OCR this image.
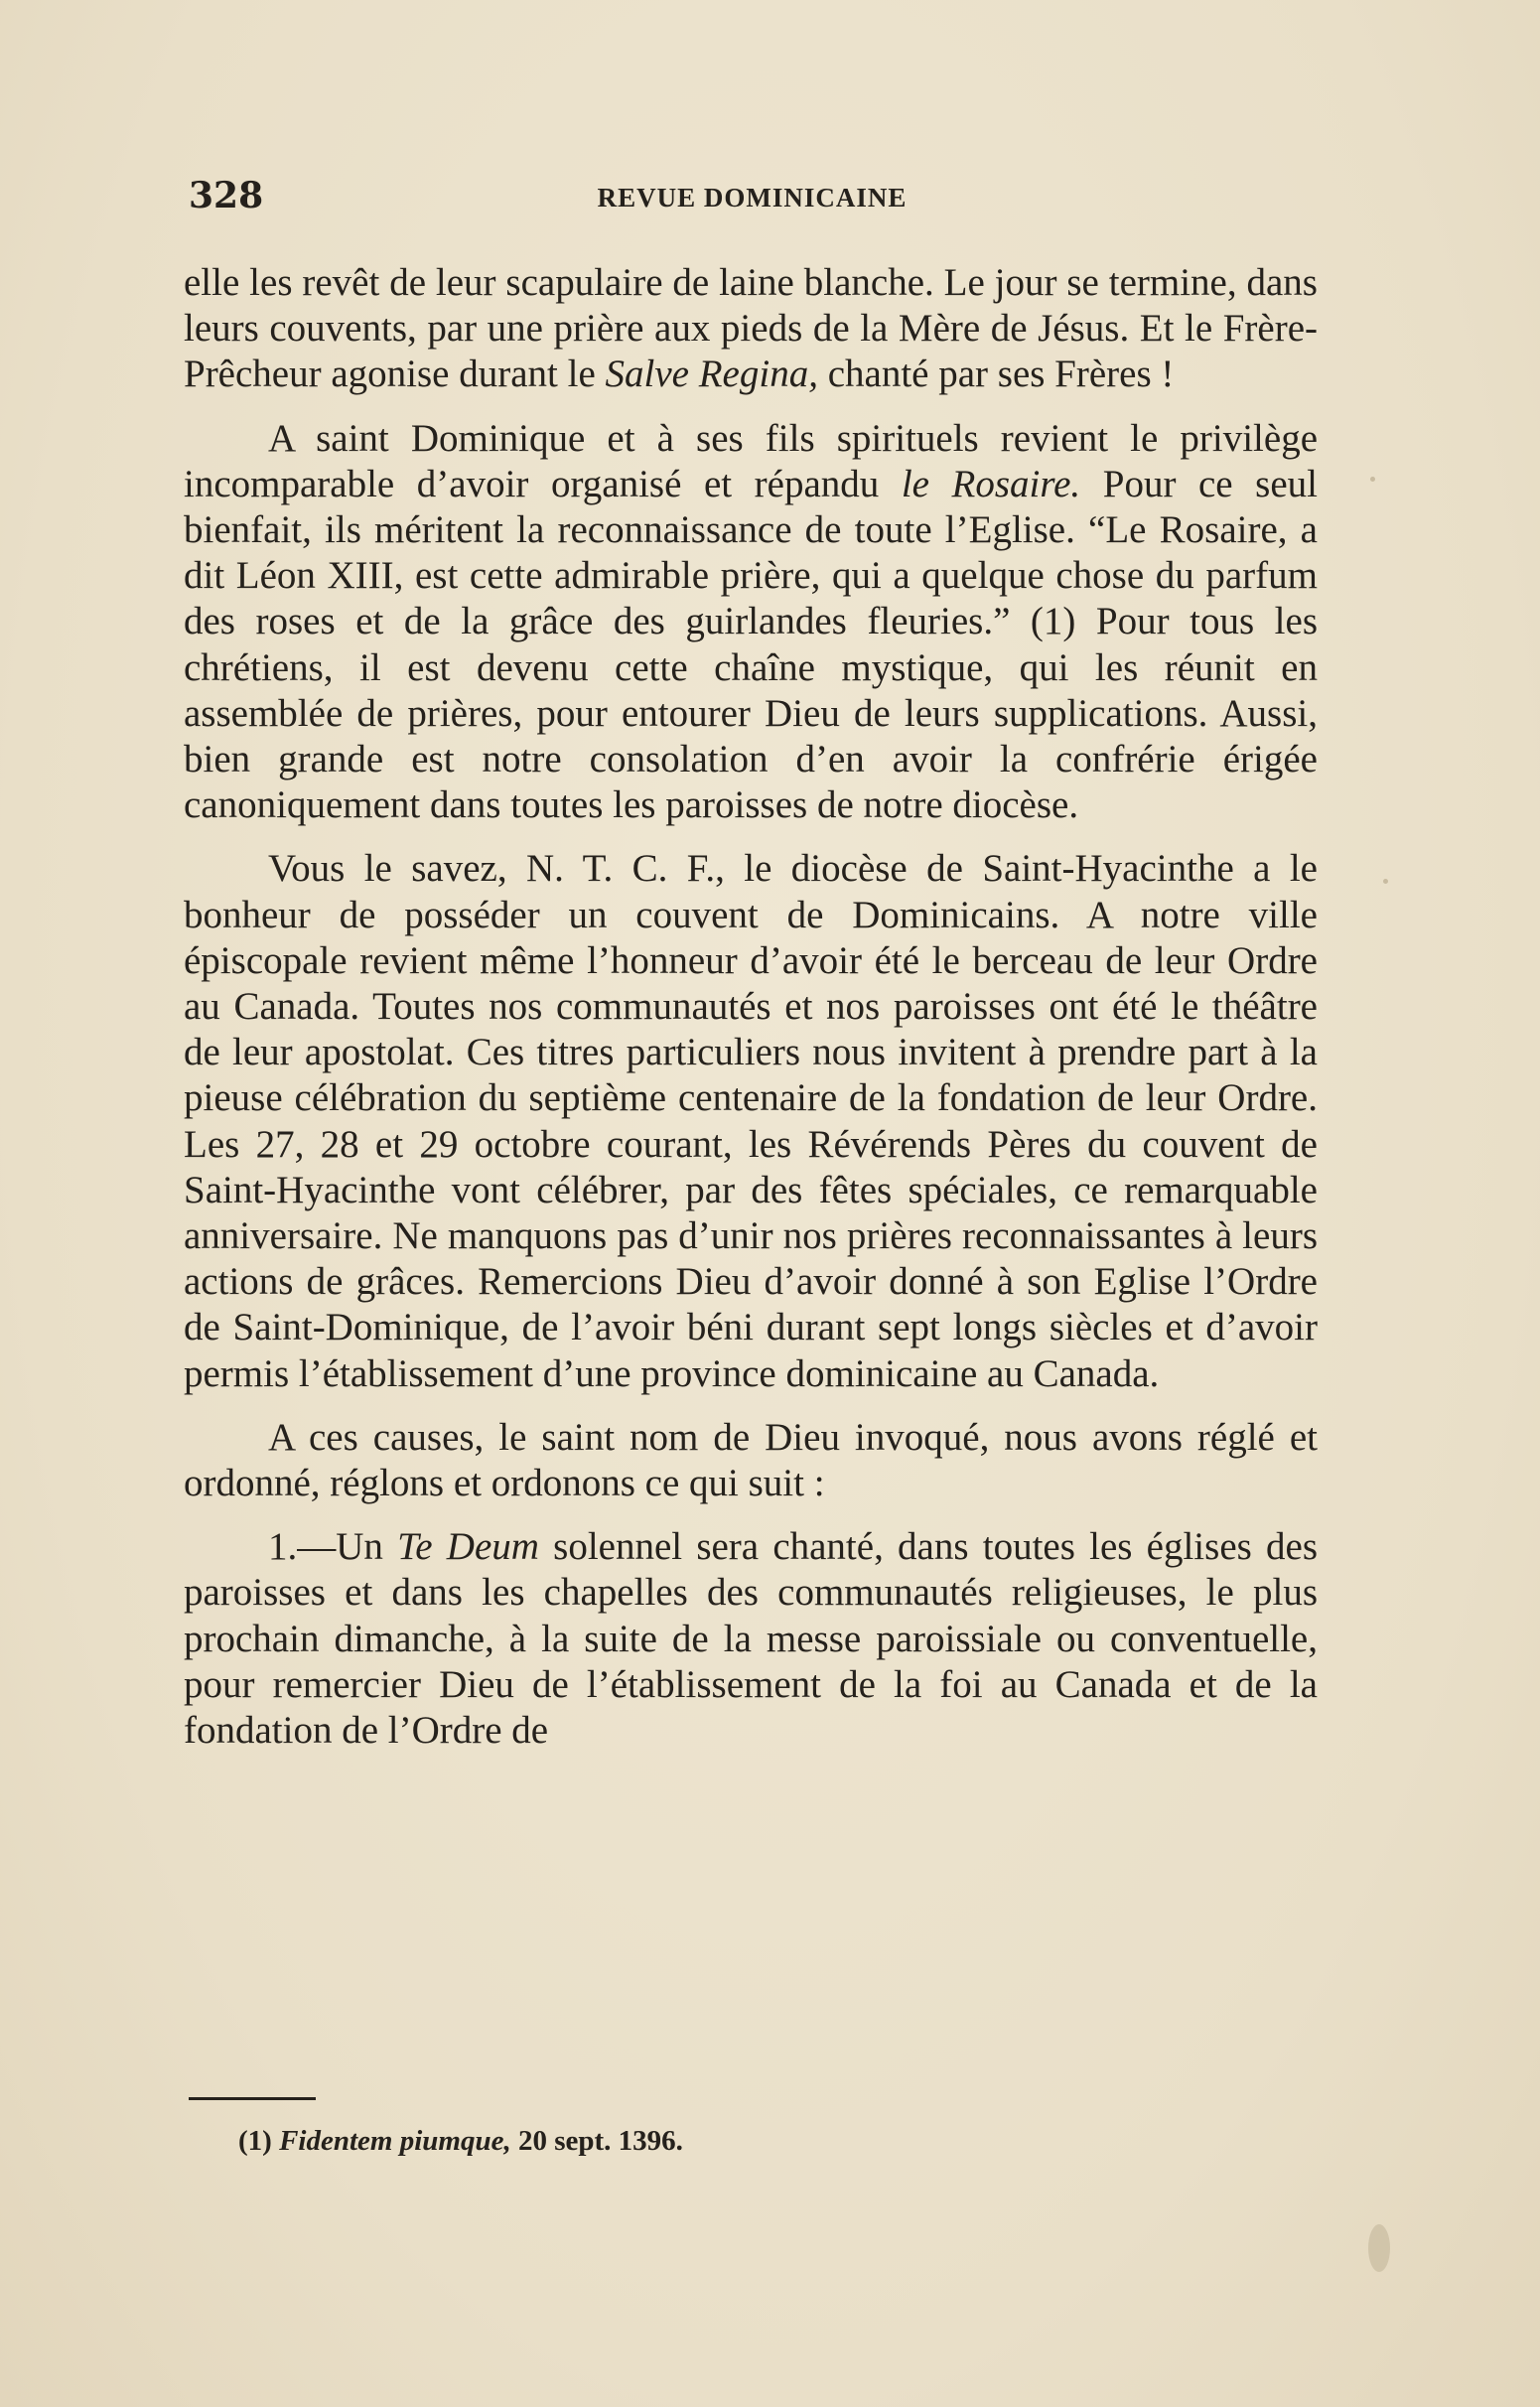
328	REVUE DOMINICAINE

elle les revêt de leur scapulaire de laine blanche. Le jour se termine, dans leurs couvents, par une prière aux pieds de la Mère de Jésus. Et le Frère-Prêcheur agonise durant le Salve Regina, chanté par ses Frères !

A saint Dominique et à ses fils spirituels revient le privilège incomparable d’avoir organisé et répandu le Rosaire. Pour ce seul bienfait, ils méritent la reconnaissance de toute l’Eglise. “Le Rosaire, a dit Léon XIII, est cette admirable prière, qui a quelque chose du parfum des roses et de la grâce des guirlandes fleuries.” (1) Pour tous les chrétiens, il est devenu cette chaîne mystique, qui les réunit en assemblée de prières, pour entourer Dieu de leurs supplications. Aussi, bien grande est notre consolation d’en avoir la confrérie érigée canoniquement dans toutes les paroisses de notre diocèse.

Vous le savez, N. T. C. F., le diocèse de Saint-Hyacinthe a le bonheur de posséder un couvent de Dominicains. A notre ville épiscopale revient même l’honneur d’avoir été le berceau de leur Ordre au Canada. Toutes nos communautés et nos paroisses ont été le théâtre de leur apostolat. Ces titres particuliers nous invitent à prendre part à la pieuse célébration du septième centenaire de la fondation de leur Ordre. Les 27, 28 et 29 octobre courant, les Révérends Pères du couvent de Saint-Hyacinthe vont célébrer, par des fêtes spéciales, ce remarquable anniversaire. Ne manquons pas d’unir nos prières reconnaissantes à leurs actions de grâces. Remercions Dieu d’avoir donné à son Eglise l’Ordre de Saint-Dominique, de l’avoir béni durant sept longs siècles et d’avoir permis l’établissement d’une province dominicaine au Canada.

A ces causes, le saint nom de Dieu invoqué, nous avons réglé et ordonné, réglons et ordonons ce qui suit :

1.—Un Te Deum solennel sera chanté, dans toutes les églises des paroisses et dans les chapelles des communautés religieuses, le plus prochain dimanche, à la suite de la messe paroissiale ou conventuelle, pour remercier Dieu de l’établissement de la foi au Canada et de la fondation de l’Ordre de

(1) Fidentem piumque, 20 sept. 1396.
